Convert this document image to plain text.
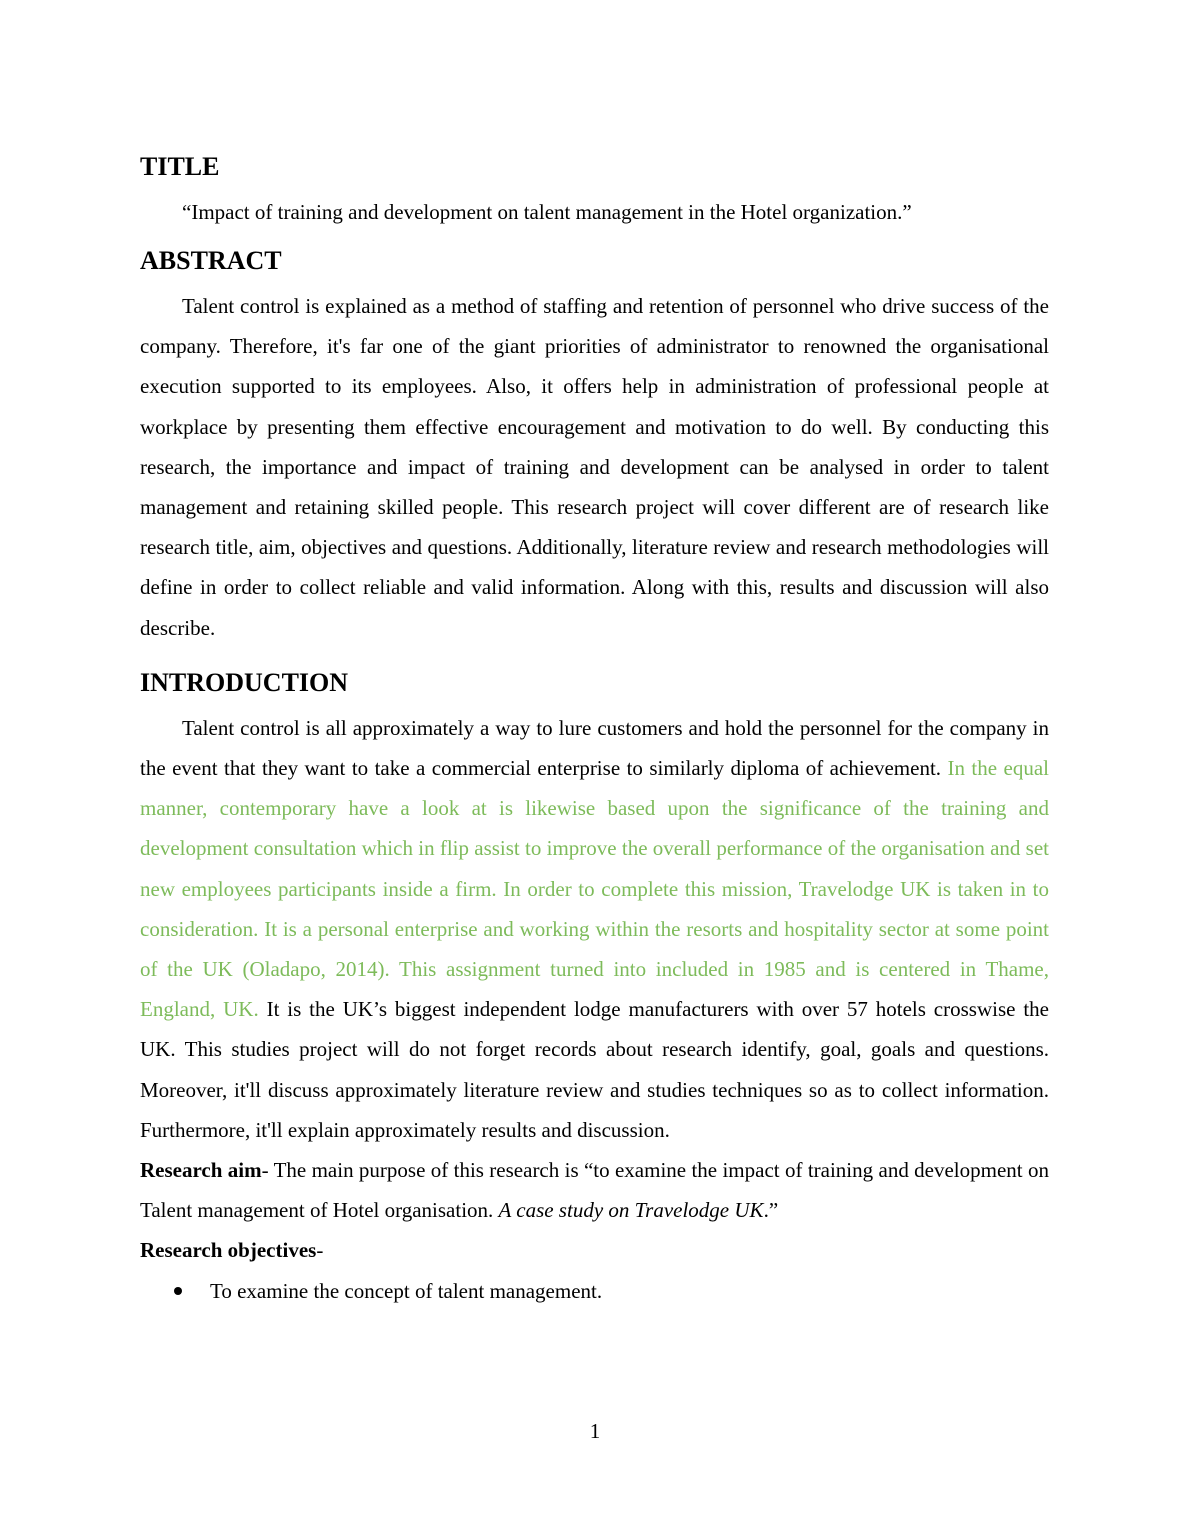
TITLE
“Impact of training and development on talent management in the Hotel organization.”
ABSTRACT

Talent control is explained as a method of staffing and retention of personnel who drive success of the company. Therefore, it's far one of the giant priorities of administrator to renowned the organisational execution supported to its employees. Also, it offers help in administration of professional people at workplace by presenting them effective encouragement and motivation to do well. By conducting this research, the importance and impact of training and development can be analysed in order to talent management and retaining skilled people. This research project will cover different are of research like research title, aim, objectives and questions. Additionally, literature review and research methodologies will define in order to collect reliable and valid information. Along with this, results and discussion will also describe.

INTRODUCTION

Talent control is all approximately a way to lure customers and hold the personnel for the company in the event that they want to take a commercial enterprise to similarly diploma of achievement. In the equal manner, contemporary have a look at is likewise based upon the significance of the training and development consultation which in flip assist to improve the overall performance of the organisation and set new employees participants inside a firm. In order to complete this mission, Travelodge UK is taken in to consideration. It is a personal enterprise and working within the resorts and hospitality sector at some point of the UK (Oladapo, 2014). This assignment turned into included in 1985 and is centered in Thame, England, UK. It is the UK’s biggest independent lodge manufacturers with over 57 hotels crosswise the UK. This studies project will do not forget records about research identify, goal, goals and questions. Moreover, it'll discuss approximately literature review and studies techniques so as to collect information. Furthermore, it'll explain approximately results and discussion.

Research aim- The main purpose of this research is “to examine the impact of training and development on Talent management of Hotel organisation. A case study on Travelodge UK.”

Research objectives-

To examine the concept of talent management.
1
